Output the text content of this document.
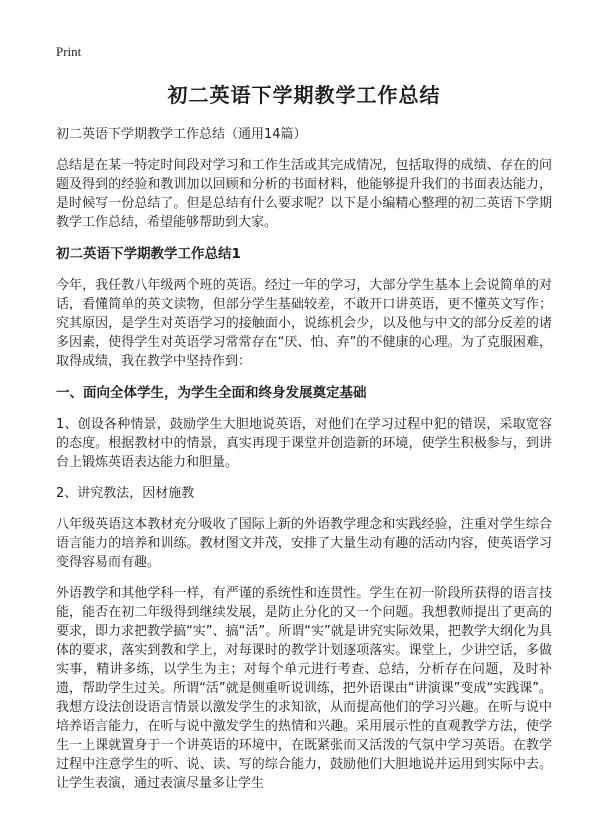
Print
初二英语下学期教学工作总结
初二英语下学期教学工作总结（通用14篇）

总结是在某一特定时间段对学习和工作生活或其完成情况，包括取得的成绩、存在的问题及得到的经验和教训加以回顾和分析的书面材料，他能够提升我们的书面表达能力，是时候写一份总结了。但是总结有什么要求呢？以下是小编精心整理的初二英语下学期教学工作总结，希望能够帮助到大家。

初二英语下学期教学工作总结1

今年，我任教八年级两个班的英语。经过一年的学习，大部分学生基本上会说简单的对话，看懂简单的英文读物，但部分学生基础较差，不敢开口讲英语，更不懂英文写作；究其原因，是学生对英语学习的接触面小，说练机会少，以及他与中文的部分反差的诸多因素，使得学生对英语学习常常存在“厌、怕、弃”的不健康的心理。为了克服困难，取得成绩，我在教学中坚持作到：

一、面向全体学生，为学生全面和终身发展奠定基础

1、创设各种情景，鼓励学生大胆地说英语，对他们在学习过程中犯的错误，采取宽容的态度。根据教材中的情景，真实再现于课堂并创造新的环境，使学生积极参与，到讲台上锻炼英语表达能力和胆量。

2、讲究教法，因材施教

八年级英语这本教材充分吸收了国际上新的外语教学理念和实践经验，注重对学生综合语言能力的培养和训练。教材图文并茂，安排了大量生动有趣的活动内容，使英语学习变得容易而有趣。

外语教学和其他学科一样，有严谨的系统性和连贯性。学生在初一阶段所获得的语言技能，能否在初二年级得到继续发展，是防止分化的又一个问题。我想教师提出了更高的要求，即力求把教学搞“实”、搞“活”。所谓“实”就是讲究实际效果，把教学大纲化为具体的要求，落实到教和学上，对每课时的教学计划逐项落实。课堂上，少讲空话，多做实事，精讲多练，以学生为主；对每个单元进行考查、总结，分析存在问题，及时补遗，帮助学生过关。所谓“活”就是侧重听说训练，把外语课由“讲演课”变成“实践课”。我想方设法创设语言情景以激发学生的求知欲，从而提高他们的学习兴趣。在听与说中培养语言能力，在听与说中激发学生的热情和兴趣。采用展示性的直观教学方法，使学生一上课就置身于一个讲英语的环境中，在既紧张而又活泼的气氛中学习英语。在教学过程中注意学生的听、说、读、写的综合能力，鼓励他们大胆地说并运用到实际中去。让学生表演，通过表演尽量多让学生
